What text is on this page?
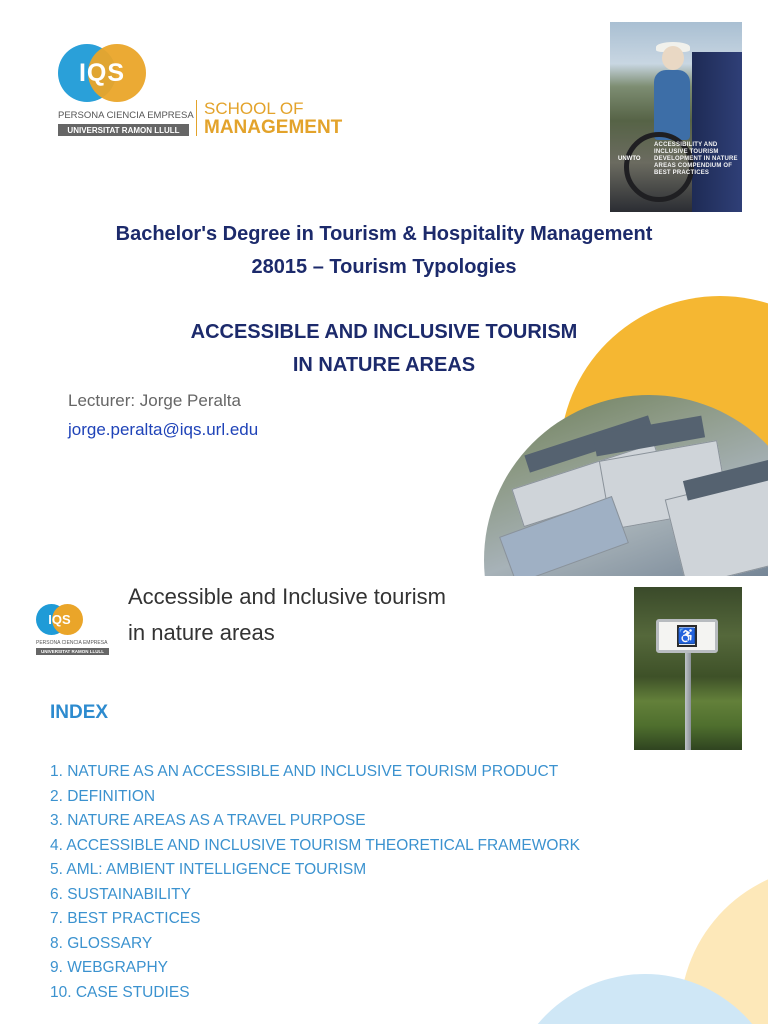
IQS
PERSONA CIENCIA EMPRESA
UNIVERSITAT RAMON LLULL
SCHOOL OF
MANAGEMENT
UNWTO
ACCESSIBILITY AND INCLUSIVE TOURISM DEVELOPMENT IN NATURE AREAS COMPENDIUM OF BEST PRACTICES
Bachelor's Degree in Tourism & Hospitality Management
28015 – Tourism Typologies
ACCESSIBLE AND INCLUSIVE TOURISM
IN NATURE AREAS
Lecturer: Jorge Peralta
jorge.peralta@iqs.url.edu
IQS
PERSONA CIENCIA EMPRESA
UNIVERSITAT RAMON LLULL
Accessible and Inclusive tourism
in nature areas	♿
INDEX
1. NATURE AS AN ACCESSIBLE AND INCLUSIVE TOURISM PRODUCT
2. DEFINITION
3. NATURE AREAS AS A TRAVEL PURPOSE
4. ACCESSIBLE AND INCLUSIVE TOURISM THEORETICAL FRAMEWORK
5. AML: AMBIENT INTELLIGENCE TOURISM
6. SUSTAINABILITY
7. BEST PRACTICES
8. GLOSSARY
9. WEBGRAPHY
10. CASE STUDIES
